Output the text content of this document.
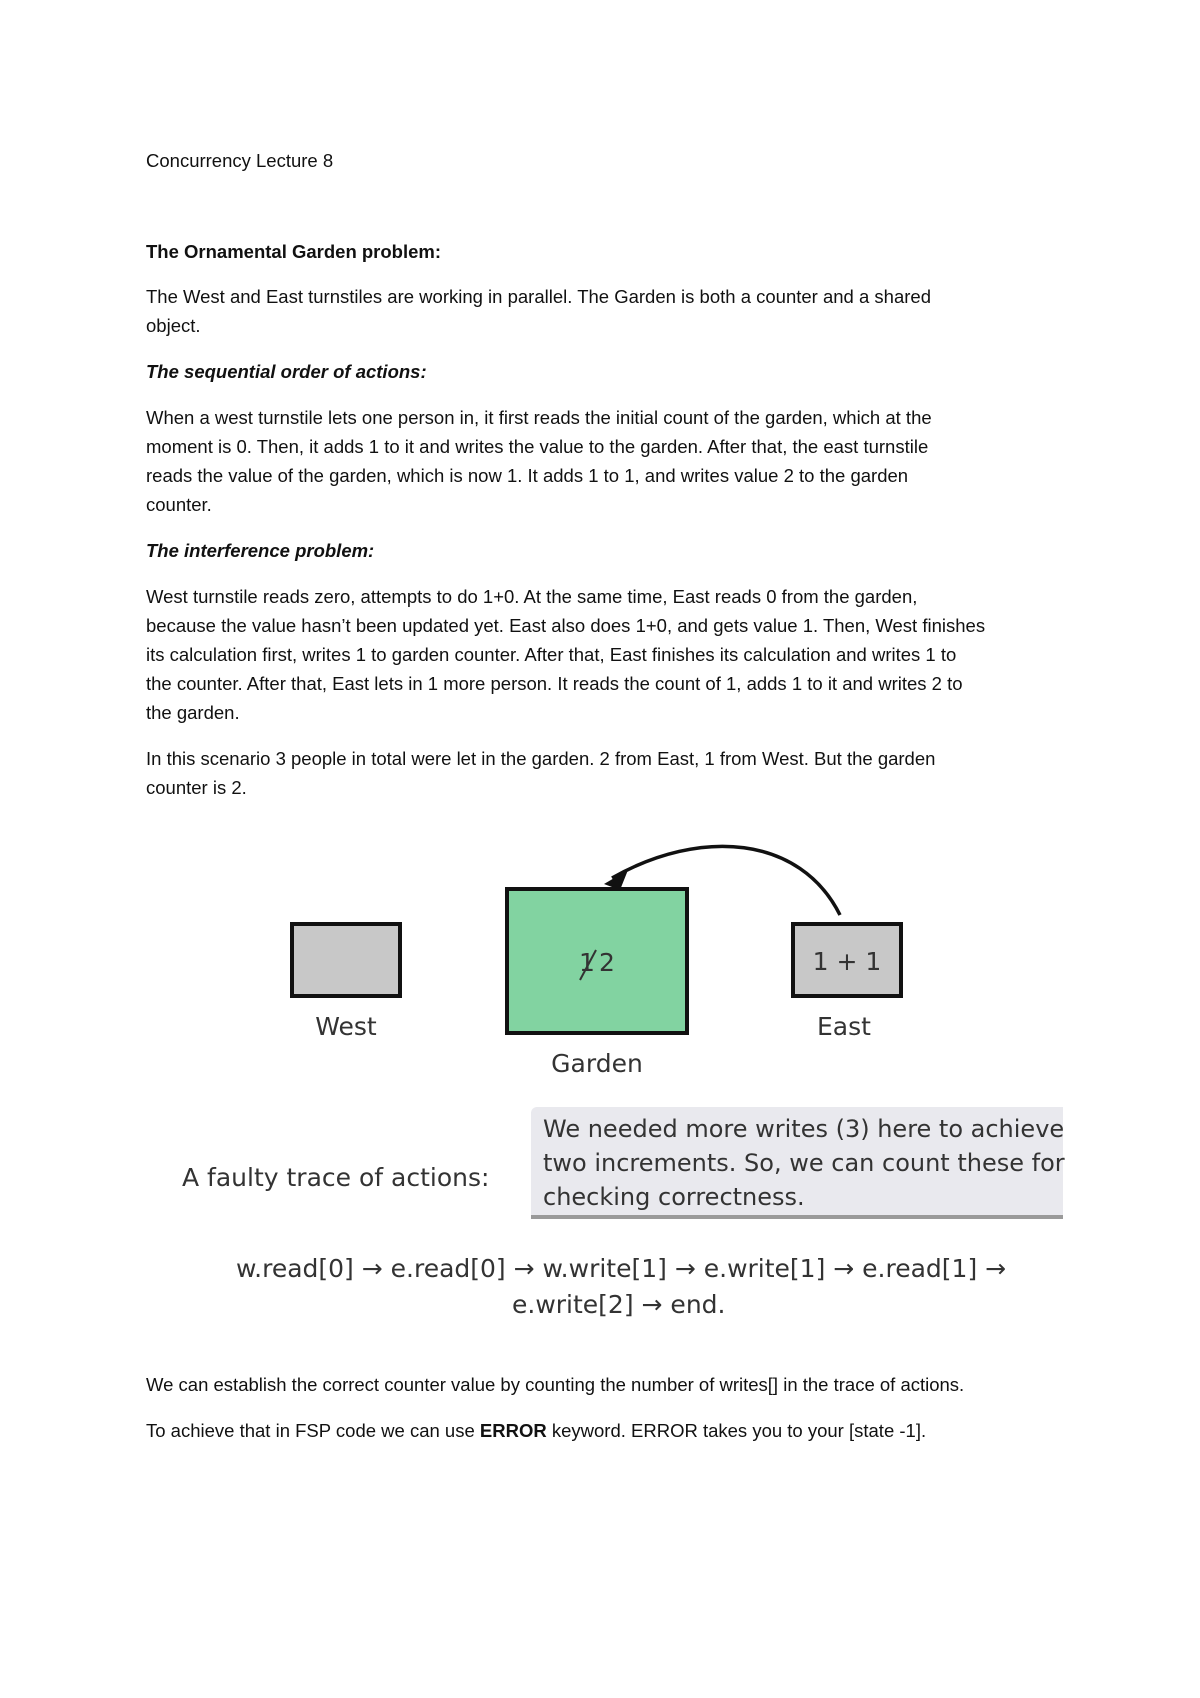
Concurrency Lecture 8

The Ornamental Garden problem:

The West and East turnstiles are working in parallel. The Garden is both a counter and a shared

object.

The sequential order of actions:

When a west turnstile lets one person in, it first reads the initial count of the garden, which at the

moment is 0. Then, it adds 1 to it and writes the value to the garden. After that, the east turnstile

reads the value of the garden, which is now 1. It adds 1 to 1, and writes value 2 to the garden

counter.

The interference problem:

West turnstile reads zero, attempts to do 1+0. At the same time, East reads 0 from the garden,

because the value hasn’t been updated yet. East also does 1+0, and gets value 1. Then, West finishes

its calculation first, writes 1 to garden counter. After that, East finishes its calculation and writes 1 to

the counter. After that, East lets in 1 more person. It reads the count of 1, adds 1 to it and writes 2 to

the garden.

In this scenario 3 people in total were let in the garden. 2 from East, 1 from West. But the garden

counter is 2.

West
1 2
Garden
1 + 1
East
A faulty trace of actions:
We needed more writes (3) here to achieve
two increments. So, we can count these for
checking correctness.
w.read[0] → e.read[0] → w.write[1] → e.write[1] → e.read[1] →
e.write[2] → end.

We can establish the correct counter value by counting the number of writes[] in the trace of actions.

To achieve that in FSP code we can use ERROR keyword. ERROR takes you to your [state -1].
